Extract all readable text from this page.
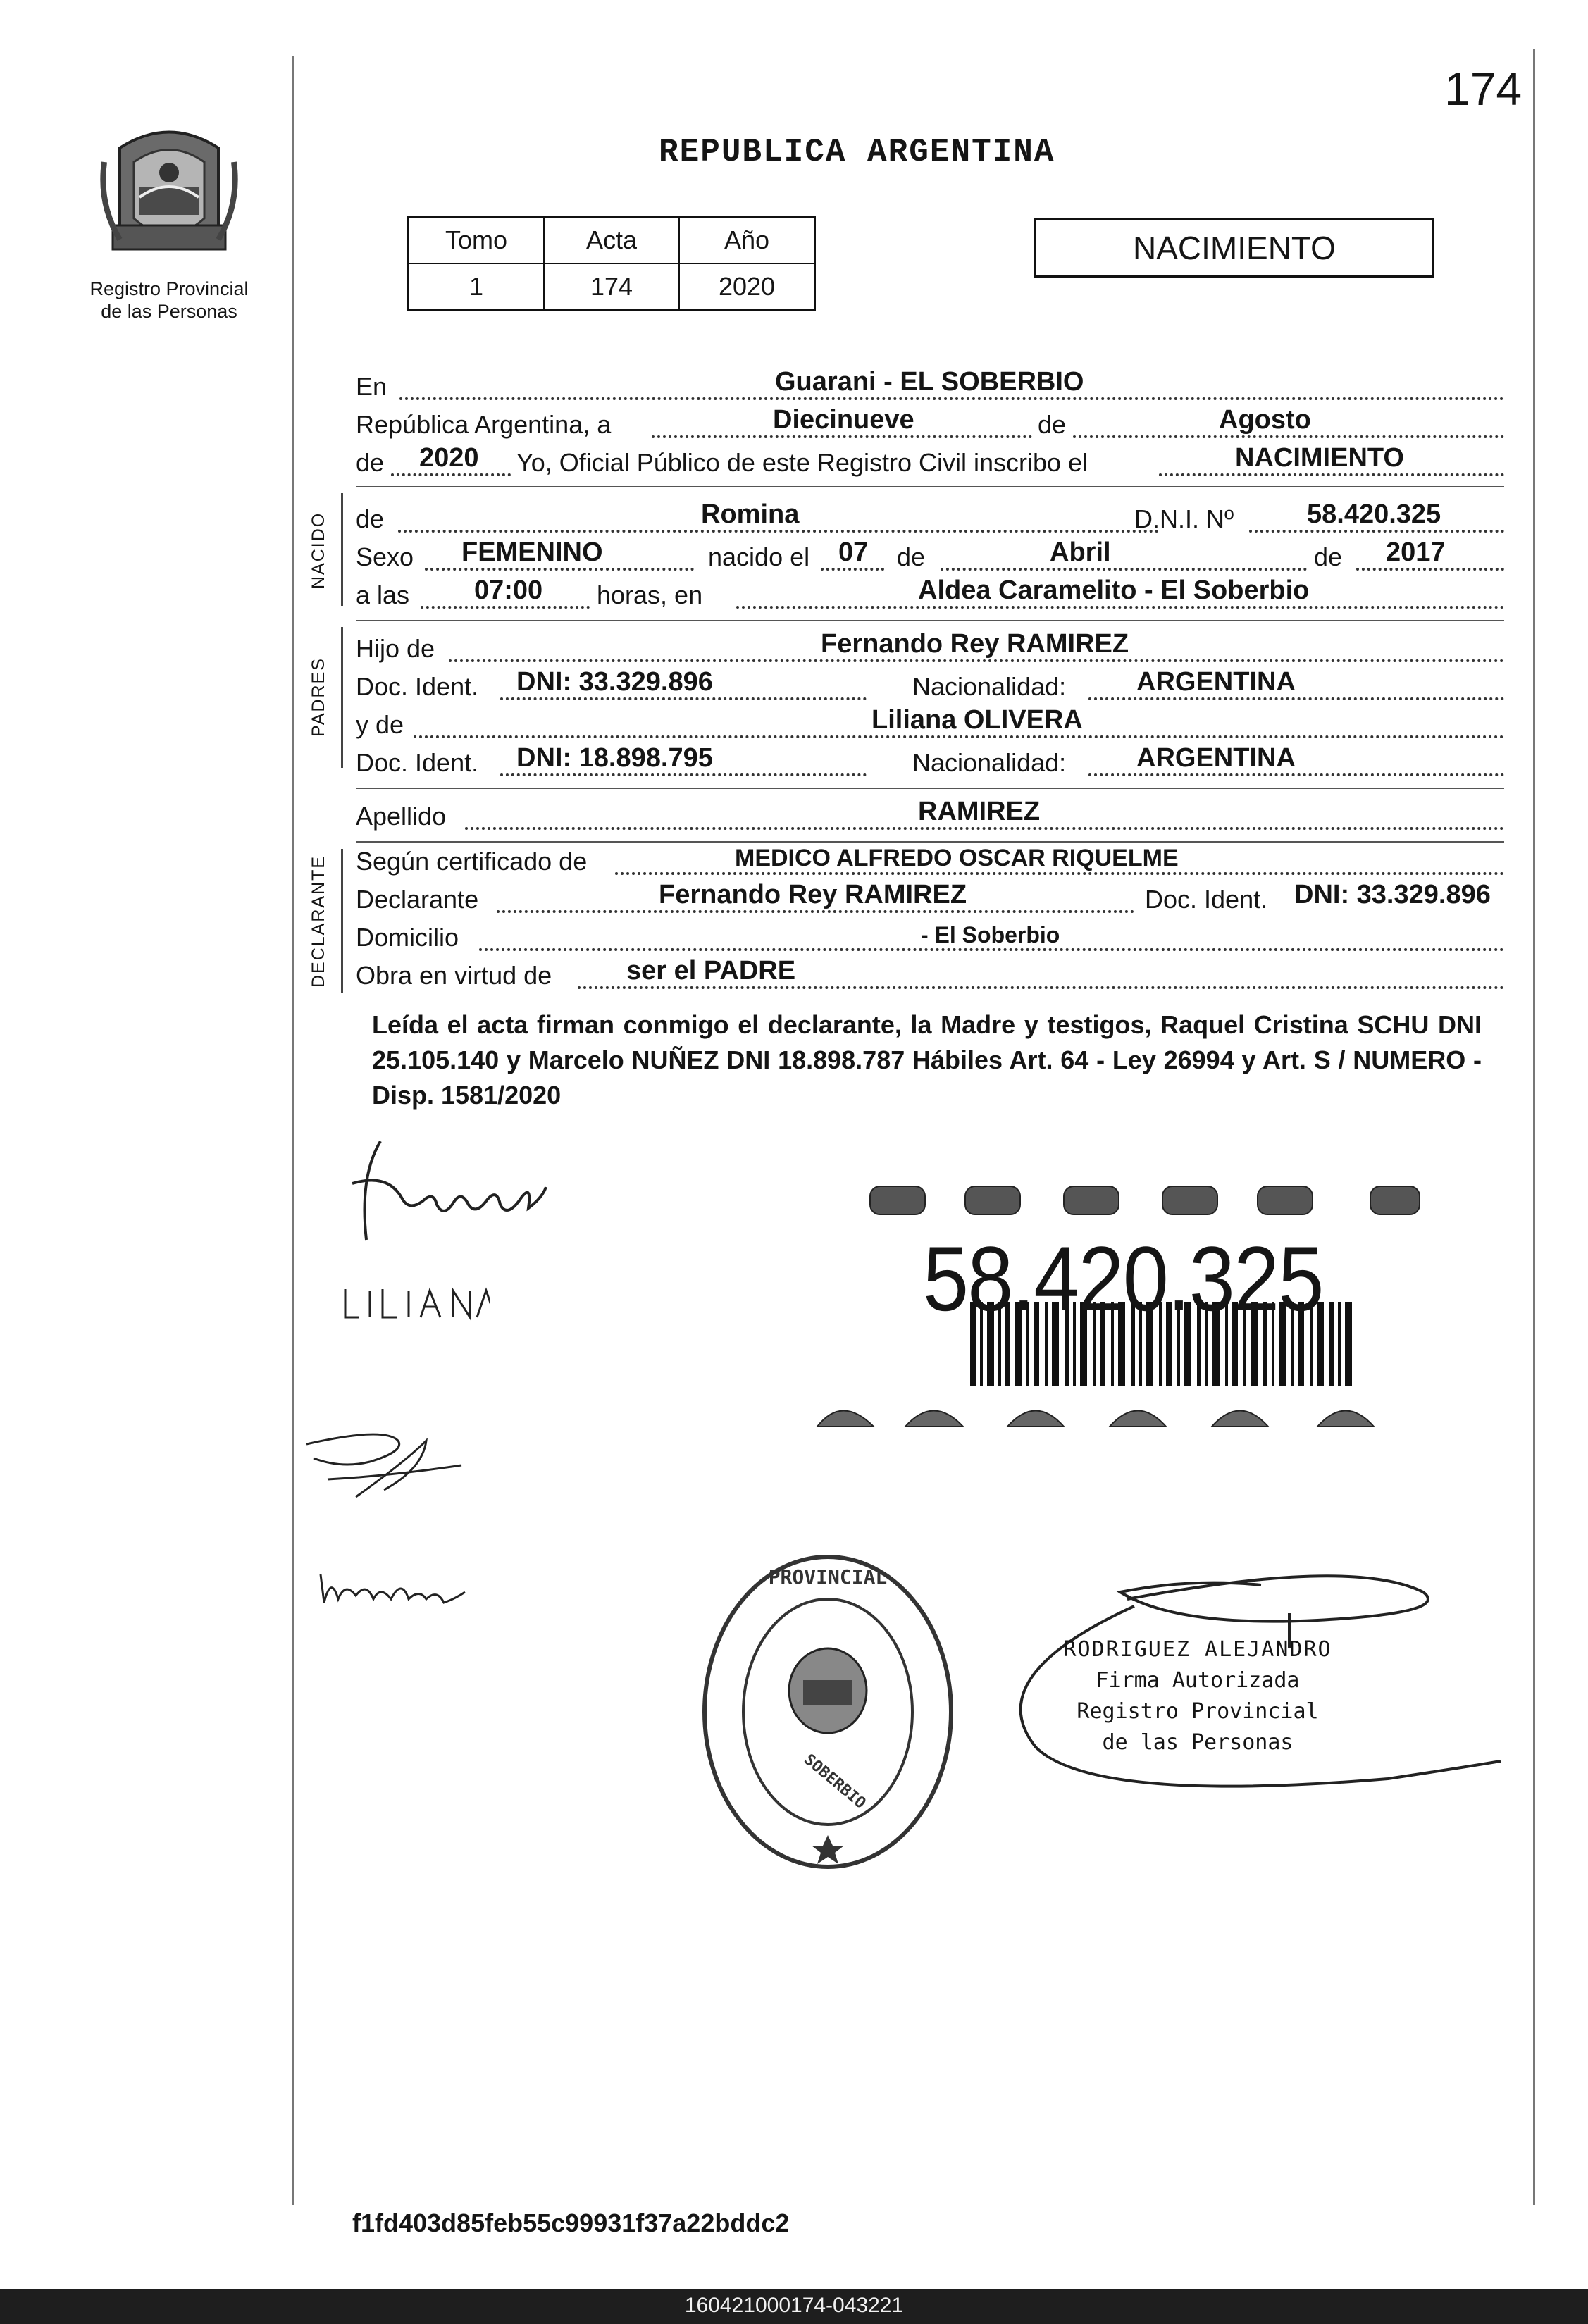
174
Registro Provincial
de las Personas
REPUBLICA ARGENTINA
Tomo	Acta	Año
1	174	2020
NACIMIENTO
En	Guarani - EL SOBERBIO
República Argentina, a	Diecinueve	de	Agosto
de 2020 Yo, Oficial Público de este Registro Civil inscribo el	NACIMIENTO
NACIDO de	Romina	D.N.I. Nº	58.420.325
Sexo FEMENINO	nacido el 07 de	Abril	de 2017
a las 07:00 horas, en	Aldea Caramelito - El Soberbio
PADRES
Hijo de	Fernando Rey RAMIREZ
Doc. Ident. DNI: 33.329.896	Nacionalidad:	ARGENTINA
y de	Liliana OLIVERA
Doc. Ident. DNI: 18.898.795	Nacionalidad:	ARGENTINA
Apellido	RAMIREZ
DECLARANTE Según certificado de	MEDICO ALFREDO OSCAR RIQUELME
Declarante	Fernando Rey RAMIREZ	Doc. Ident. DNI: 33.329.896
Domicilio	- El Soberbio
Obra en virtud de	ser el PADRE
Leída el acta firman conmigo el declarante, la Madre y testigos, Raquel Cristina SCHU DNI 25.105.140 y Marcelo NUÑEZ DNI 18.898.787 Hábiles Art. 64 - Ley 26994 y Art. S / NUMERO - Disp. 1581/2020
58.420.325
PROVINCIAL
SOBERBIO
RODRIGUEZ ALEJANDRO
Firma Autorizada
Registro Provincial
de las Personas
f1fd403d85feb55c99931f37a22bddc2
160421000174-043221
